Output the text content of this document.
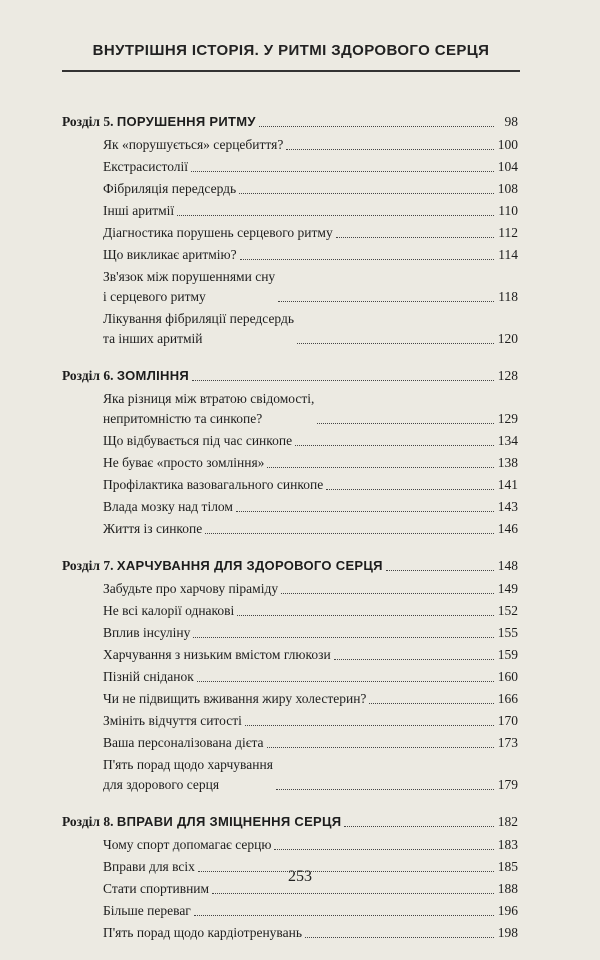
ВНУТРІШНЯ ІСТОРІЯ. У РИТМІ ЗДОРОВОГО СЕРЦЯ
Розділ 5. ПОРУШЕННЯ РИТМУ	98
Як «порушується» серцебиття?	100
Екстрасистолії	104
Фібриляція передсердь	108
Інші аритмії	110
Діагностика порушень серцевого ритму	112
Що викликає аритмію?	114
Зв'язок між порушеннями сну
і серцевого ритму	118
Лікування фібриляції передсердь
та інших аритмій	120
Розділ 6. ЗОМЛІННЯ	128
Яка різниця між втратою свідомості,
непритомністю та синкопе?	129
Що відбувається під час синкопе	134
Не буває «просто зомління»	138
Профілактика вазовагального синкопе	141
Влада мозку над тілом	143
Життя із синкопе	146
Розділ 7. ХАРЧУВАННЯ ДЛЯ ЗДОРОВОГО СЕРЦЯ	148
Забудьте про харчову піраміду	149
Не всі калорії однакові	152
Вплив інсуліну	155
Харчування з низьким вмістом глюкози	159
Пізній сніданок	160
Чи не підвищить вживання жиру холестерин?	166
Змініть відчуття ситості	170
Ваша персоналізована дієта	173
П'ять порад щодо харчування
для здорового серця	179
Розділ 8. ВПРАВИ ДЛЯ ЗМІЦНЕННЯ СЕРЦЯ	182
Чому спорт допомагає серцю	183
Вправи для всіх	185
Стати спортивним	188
Більше переваг	196
П'ять порад щодо кардіотренувань	198
253
